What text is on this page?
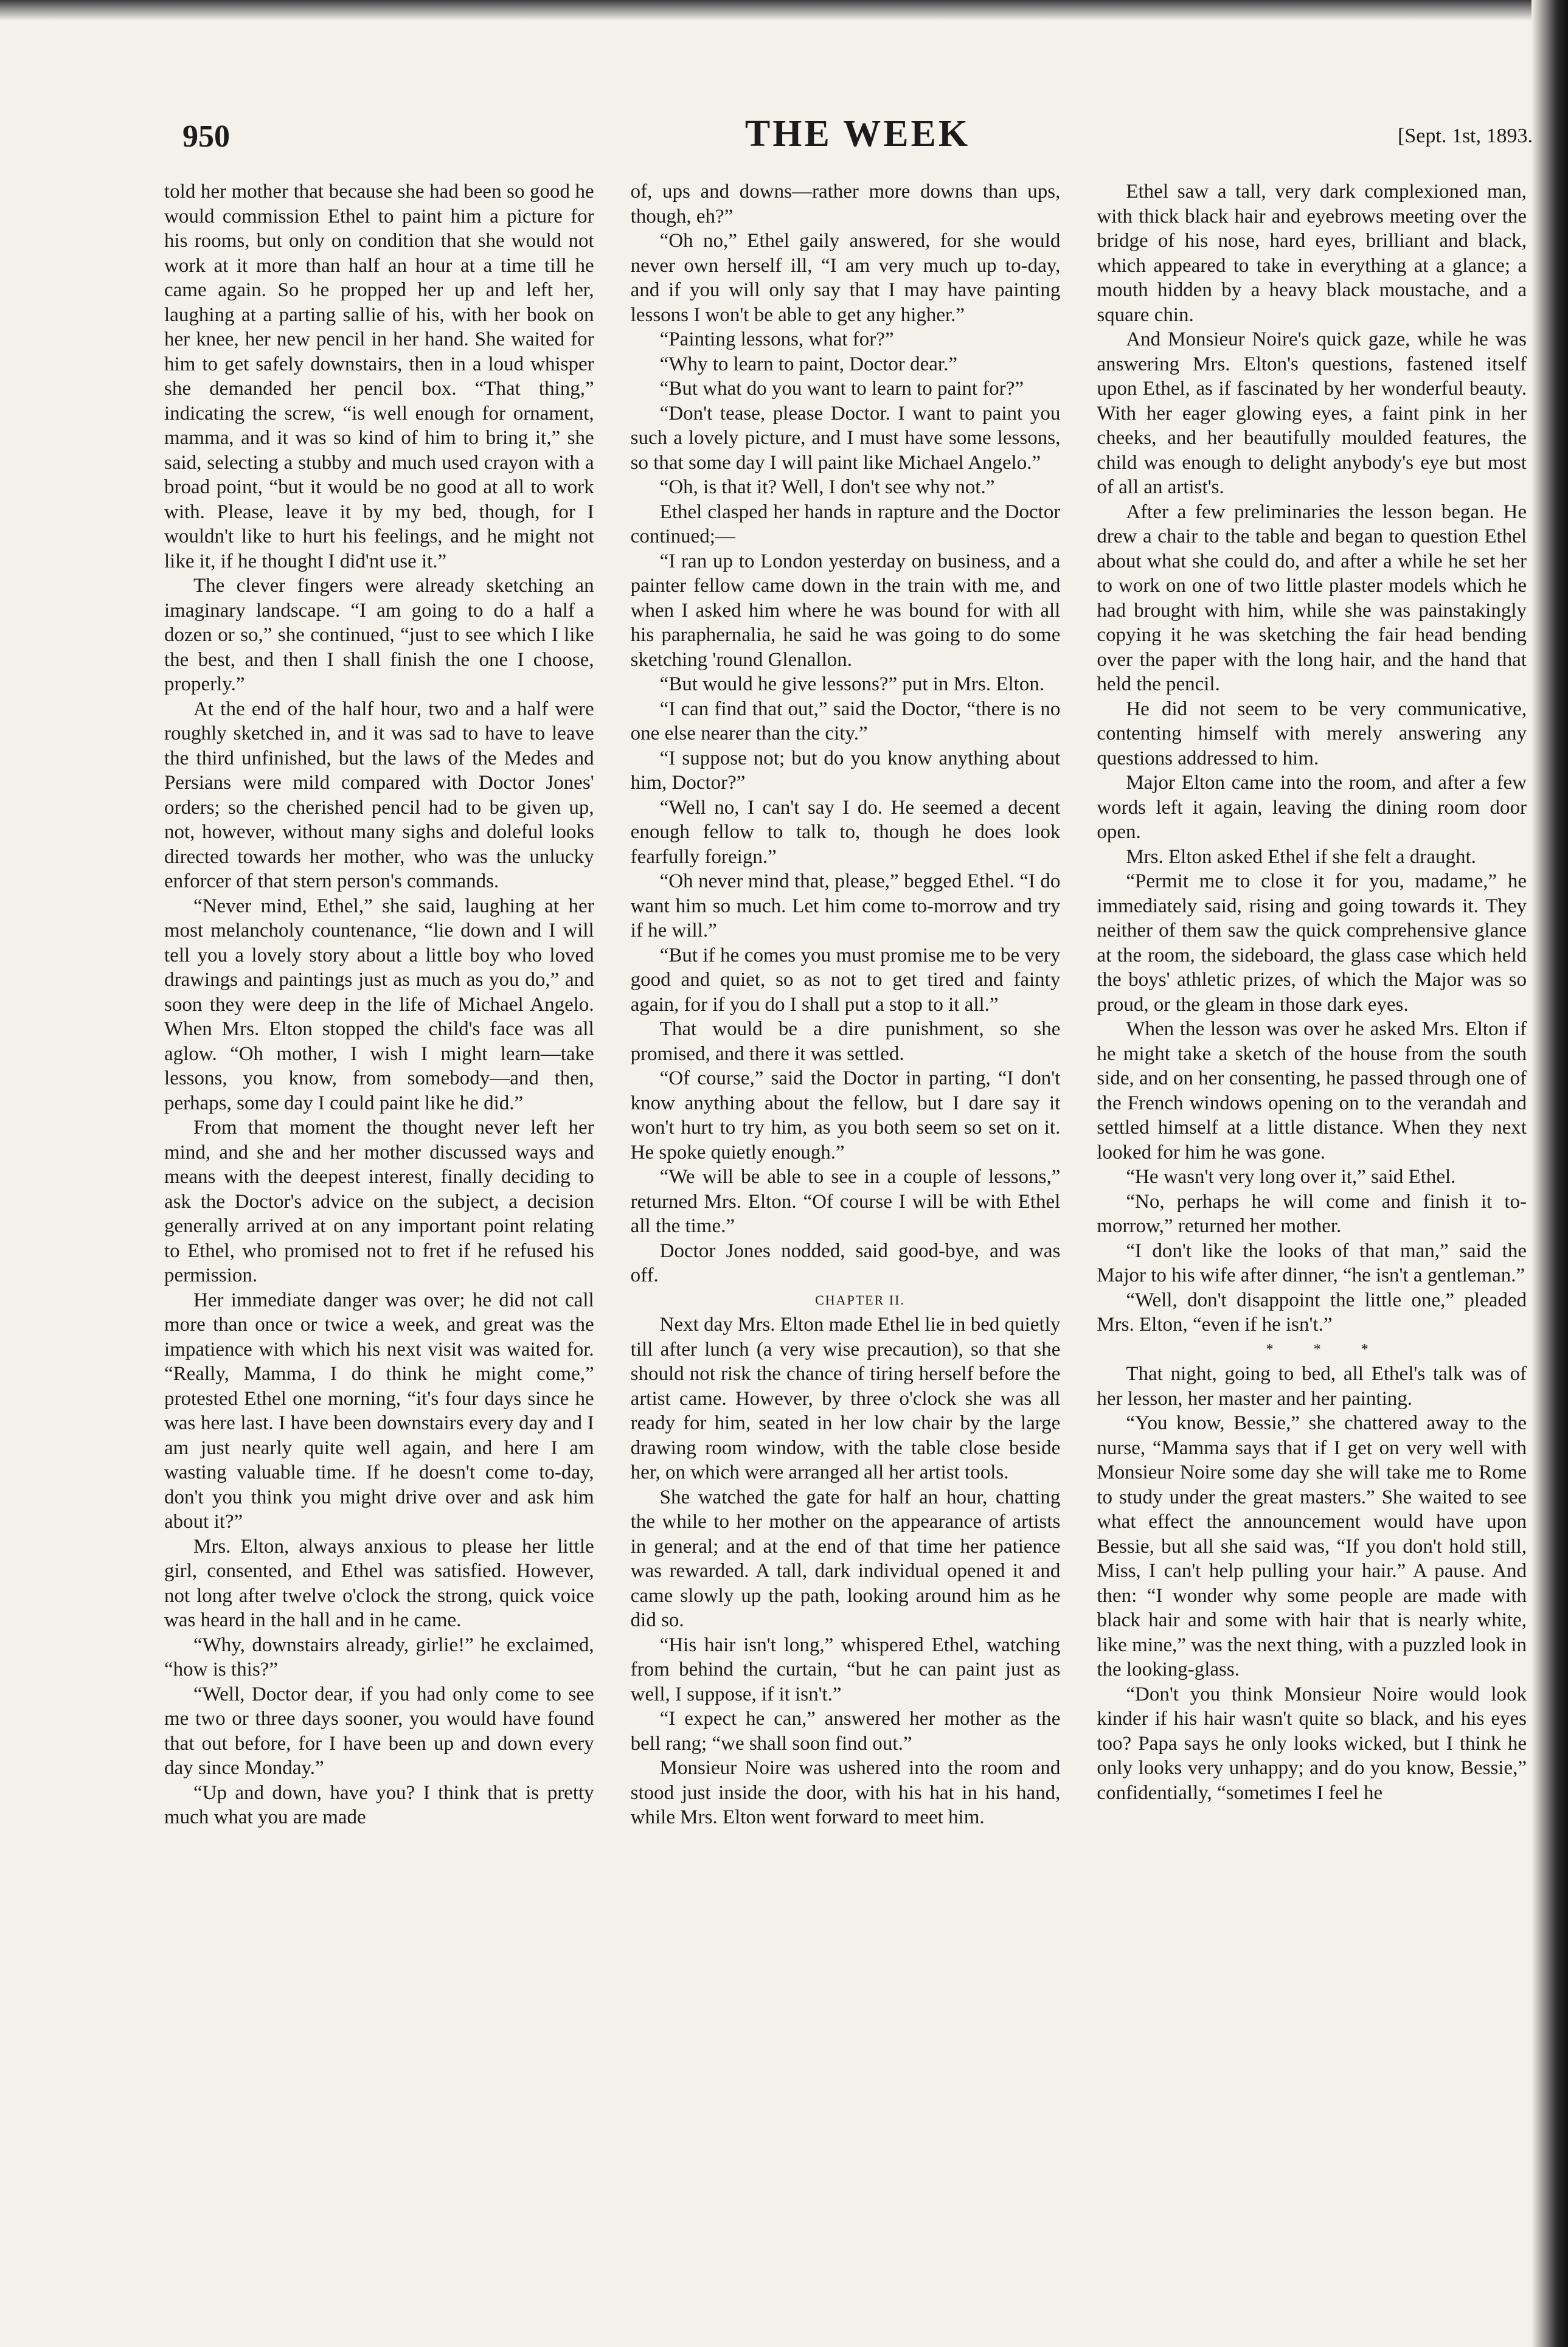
950	THE WEEK	[Sept. 1st, 1893.

told her mother that because she had been so good he would commission Ethel to paint him a picture for his rooms, but only on condition that she would not work at it more than half an hour at a time till he came again. So he propped her up and left her, laughing at a parting sallie of his, with her book on her knee, her new pencil in her hand. She waited for him to get safely downstairs, then in a loud whisper she demanded her pencil box. “That thing,” indicating the screw, “is well enough for ornament, mamma, and it was so kind of him to bring it,” she said, selecting a stubby and much used crayon with a broad point, “but it would be no good at all to work with. Please, leave it by my bed, though, for I wouldn't like to hurt his feelings, and he might not like it, if he thought I did'nt use it.”

The clever fingers were already sketching an imaginary landscape. “I am going to do a half a dozen or so,” she continued, “just to see which I like the best, and then I shall finish the one I choose, properly.”

At the end of the half hour, two and a half were roughly sketched in, and it was sad to have to leave the third unfinished, but the laws of the Medes and Persians were mild compared with Doctor Jones' orders; so the cherished pencil had to be given up, not, however, without many sighs and doleful looks directed towards her mother, who was the unlucky enforcer of that stern person's commands.

“Never mind, Ethel,” she said, laughing at her most melancholy countenance, “lie down and I will tell you a lovely story about a little boy who loved drawings and paintings just as much as you do,” and soon they were deep in the life of Michael Angelo. When Mrs. Elton stopped the child's face was all aglow. “Oh mother, I wish I might learn—take lessons, you know, from somebody—and then, perhaps, some day I could paint like he did.”

From that moment the thought never left her mind, and she and her mother discussed ways and means with the deepest interest, finally deciding to ask the Doctor's advice on the subject, a decision generally arrived at on any important point relating to Ethel, who promised not to fret if he refused his permission.

Her immediate danger was over; he did not call more than once or twice a week, and great was the impatience with which his next visit was waited for. “Really, Mamma, I do think he might come,” protested Ethel one morning, “it's four days since he was here last. I have been downstairs every day and I am just nearly quite well again, and here I am wasting valuable time. If he doesn't come to-day, don't you think you might drive over and ask him about it?”

Mrs. Elton, always anxious to please her little girl, consented, and Ethel was satisfied. However, not long after twelve o'clock the strong, quick voice was heard in the hall and in he came.

“Why, downstairs already, girlie!” he exclaimed, “how is this?”

“Well, Doctor dear, if you had only come to see me two or three days sooner, you would have found that out before, for I have been up and down every day since Monday.”

“Up and down, have you? I think that is pretty much what you are made

of, ups and downs—rather more downs than ups, though, eh?”

“Oh no,” Ethel gaily answered, for she would never own herself ill, “I am very much up to-day, and if you will only say that I may have painting lessons I won't be able to get any higher.”

“Painting lessons, what for?”

“Why to learn to paint, Doctor dear.”

“But what do you want to learn to paint for?”

“Don't tease, please Doctor. I want to paint you such a lovely picture, and I must have some lessons, so that some day I will paint like Michael Angelo.”

“Oh, is that it? Well, I don't see why not.”

Ethel clasped her hands in rapture and the Doctor continued;—

“I ran up to London yesterday on business, and a painter fellow came down in the train with me, and when I asked him where he was bound for with all his paraphernalia, he said he was going to do some sketching 'round Glenallon.

“But would he give lessons?” put in Mrs. Elton.

“I can find that out,” said the Doctor, “there is no one else nearer than the city.”

“I suppose not; but do you know anything about him, Doctor?”

“Well no, I can't say I do. He seemed a decent enough fellow to talk to, though he does look fearfully foreign.”

“Oh never mind that, please,” begged Ethel. “I do want him so much. Let him come to-morrow and try if he will.”

“But if he comes you must promise me to be very good and quiet, so as not to get tired and fainty again, for if you do I shall put a stop to it all.”

That would be a dire punishment, so she promised, and there it was settled.

“Of course,” said the Doctor in parting, “I don't know anything about the fellow, but I dare say it won't hurt to try him, as you both seem so set on it. He spoke quietly enough.”

“We will be able to see in a couple of lessons,” returned Mrs. Elton. “Of course I will be with Ethel all the time.”

Doctor Jones nodded, said good-bye, and was off.

CHAPTER II.

Next day Mrs. Elton made Ethel lie in bed quietly till after lunch (a very wise precaution), so that she should not risk the chance of tiring herself before the artist came. However, by three o'clock she was all ready for him, seated in her low chair by the large drawing room window, with the table close beside her, on which were arranged all her artist tools.

She watched the gate for half an hour, chatting the while to her mother on the appearance of artists in general; and at the end of that time her patience was rewarded. A tall, dark individual opened it and came slowly up the path, looking around him as he did so.

“His hair isn't long,” whispered Ethel, watching from behind the curtain, “but he can paint just as well, I suppose, if it isn't.”

“I expect he can,” answered her mother as the bell rang; “we shall soon find out.”

Monsieur Noire was ushered into the room and stood just inside the door, with his hat in his hand, while Mrs. Elton went forward to meet him.

Ethel saw a tall, very dark complexioned man, with thick black hair and eyebrows meeting over the bridge of his nose, hard eyes, brilliant and black, which appeared to take in everything at a glance; a mouth hidden by a heavy black moustache, and a square chin.

And Monsieur Noire's quick gaze, while he was answering Mrs. Elton's questions, fastened itself upon Ethel, as if fascinated by her wonderful beauty. With her eager glowing eyes, a faint pink in her cheeks, and her beautifully moulded features, the child was enough to delight anybody's eye but most of all an artist's.

After a few preliminaries the lesson began. He drew a chair to the table and began to question Ethel about what she could do, and after a while he set her to work on one of two little plaster models which he had brought with him, while she was painstakingly copying it he was sketching the fair head bending over the paper with the long hair, and the hand that held the pencil.

He did not seem to be very communicative, contenting himself with merely answering any questions addressed to him.

Major Elton came into the room, and after a few words left it again, leaving the dining room door open.

Mrs. Elton asked Ethel if she felt a draught.

“Permit me to close it for you, madame,” he immediately said, rising and going towards it. They neither of them saw the quick comprehensive glance at the room, the sideboard, the glass case which held the boys' athletic prizes, of which the Major was so proud, or the gleam in those dark eyes.

When the lesson was over he asked Mrs. Elton if he might take a sketch of the house from the south side, and on her consenting, he passed through one of the French windows opening on to the verandah and settled himself at a little distance. When they next looked for him he was gone.

“He wasn't very long over it,” said Ethel.

“No, perhaps he will come and finish it to-morrow,” returned her mother.

“I don't like the looks of that man,” said the Major to his wife after dinner, “he isn't a gentleman.”

“Well, don't disappoint the little one,” pleaded Mrs. Elton, “even if he isn't.”

* * *

That night, going to bed, all Ethel's talk was of her lesson, her master and her painting.

“You know, Bessie,” she chattered away to the nurse, “Mamma says that if I get on very well with Monsieur Noire some day she will take me to Rome to study under the great masters.” She waited to see what effect the announcement would have upon Bessie, but all she said was, “If you don't hold still, Miss, I can't help pulling your hair.” A pause. And then: “I wonder why some people are made with black hair and some with hair that is nearly white, like mine,” was the next thing, with a puzzled look in the looking-glass.

“Don't you think Monsieur Noire would look kinder if his hair wasn't quite so black, and his eyes too? Papa says he only looks wicked, but I think he only looks very unhappy; and do you know, Bessie,” confidentially, “sometimes I feel he
